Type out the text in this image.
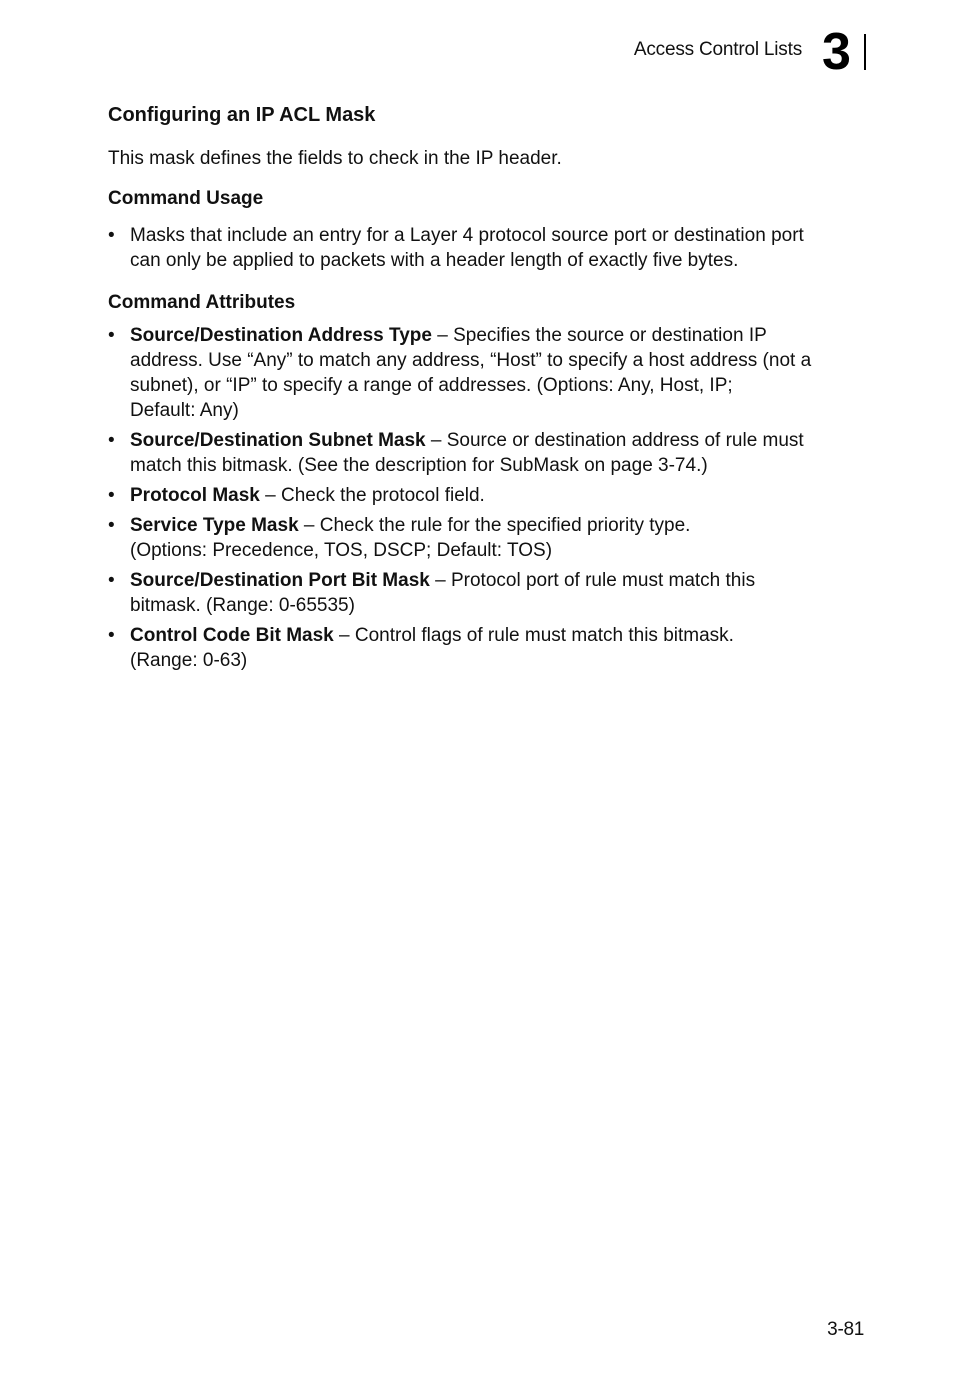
Access Control Lists 3
Configuring an IP ACL Mask

This mask defines the fields to check in the IP header.

Command Usage
• Masks that include an entry for a Layer 4 protocol source port or destination port
can only be applied to packets with a header length of exactly five bytes.
Command Attributes
• Source/Destination Address Type – Specifies the source or destination IP
address. Use “Any” to match any address, “Host” to specify a host address (not a
subnet), or “IP” to specify a range of addresses. (Options: Any, Host, IP;
Default: Any)
• Source/Destination Subnet Mask – Source or destination address of rule must
match this bitmask. (See the description for SubMask on page 3-74.)
• Protocol Mask – Check the protocol field.
• Service Type Mask – Check the rule for the specified priority type.
(Options: Precedence, TOS, DSCP; Default: TOS)
• Source/Destination Port Bit Mask – Protocol port of rule must match this
bitmask. (Range: 0-65535)
• Control Code Bit Mask – Control flags of rule must match this bitmask.
(Range: 0-63)
3-81
